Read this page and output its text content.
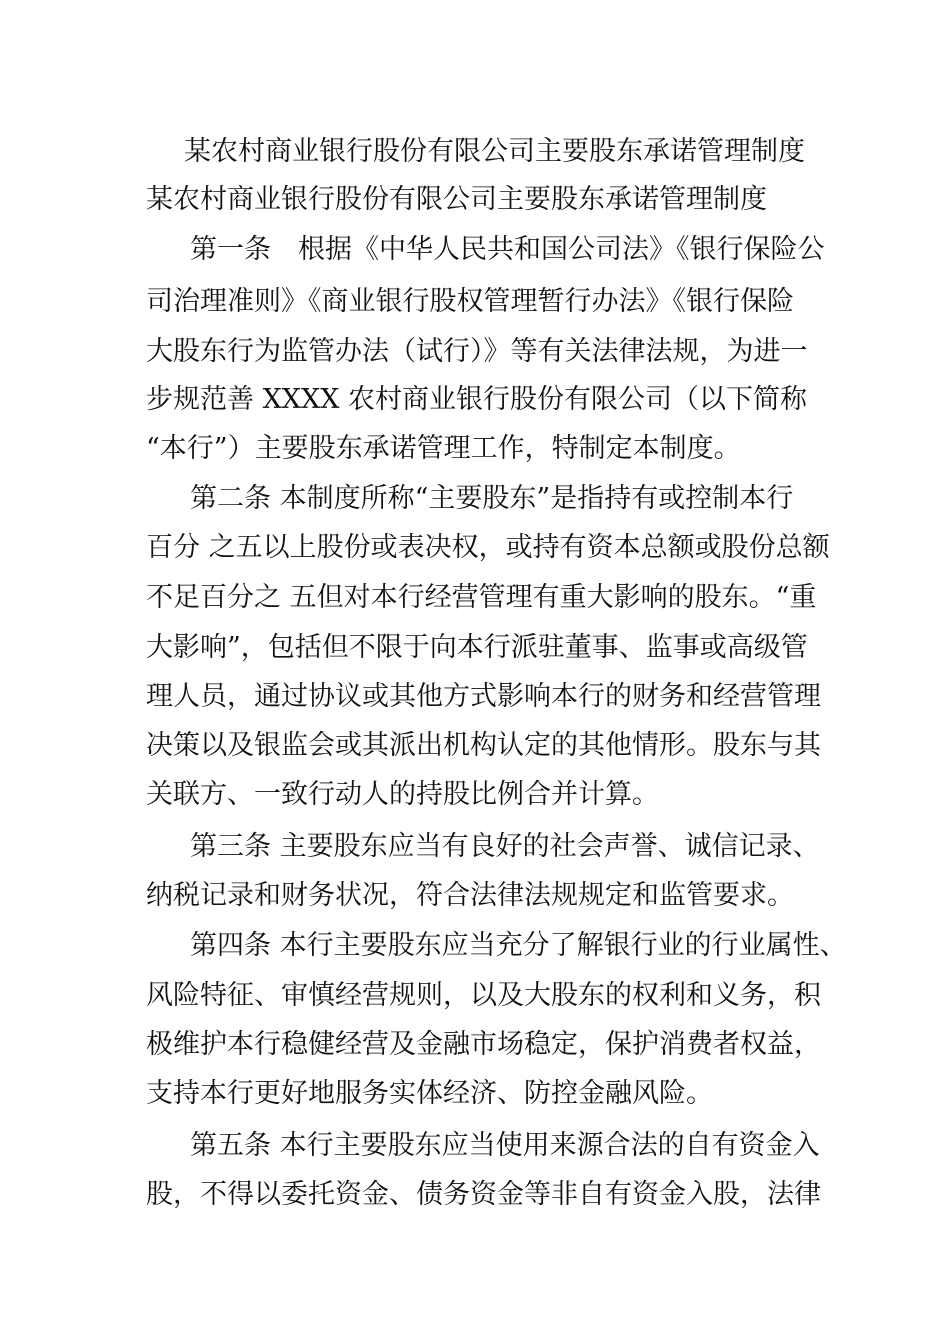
某农村商业银行股份有限公司主要股东承诺管理制度
某农村商业银行股份有限公司主要股东承诺管理制度
第一条　根据《中华人民共和国公司法》《银行保险公
司治理准则》《商业银行股权管理暂行办法》《银行保险
大股东行为监管办法（试行）》等有关法律法规，为进一
步规范善 XXXX 农村商业银行股份有限公司（以下简称
“本行”）主要股东承诺管理工作，特制定本制度。
第二条 本制度所称“主要股东”是指持有或控制本行
百分 之五以上股份或表决权，或持有资本总额或股份总额
不足百分之 五但对本行经营管理有重大影响的股东。“重
大影响”，包括但不限于向本行派驻董事、监事或高级管
理人员，通过协议或其他方式影响本行的财务和经营管理
决策以及银监会或其派出机构认定的其他情形。股东与其
关联方、一致行动人的持股比例合并计算。
第三条 主要股东应当有良好的社会声誉、诚信记录、
纳税记录和财务状况，符合法律法规规定和监管要求。
第四条 本行主要股东应当充分了解银行业的行业属性、
风险特征、审慎经营规则，以及大股东的权利和义务，积
极维护本行稳健经营及金融市场稳定，保护消费者权益，
支持本行更好地服务实体经济、防控金融风险。
第五条 本行主要股东应当使用来源合法的自有资金入
股，不得以委托资金、债务资金等非自有资金入股，法律
